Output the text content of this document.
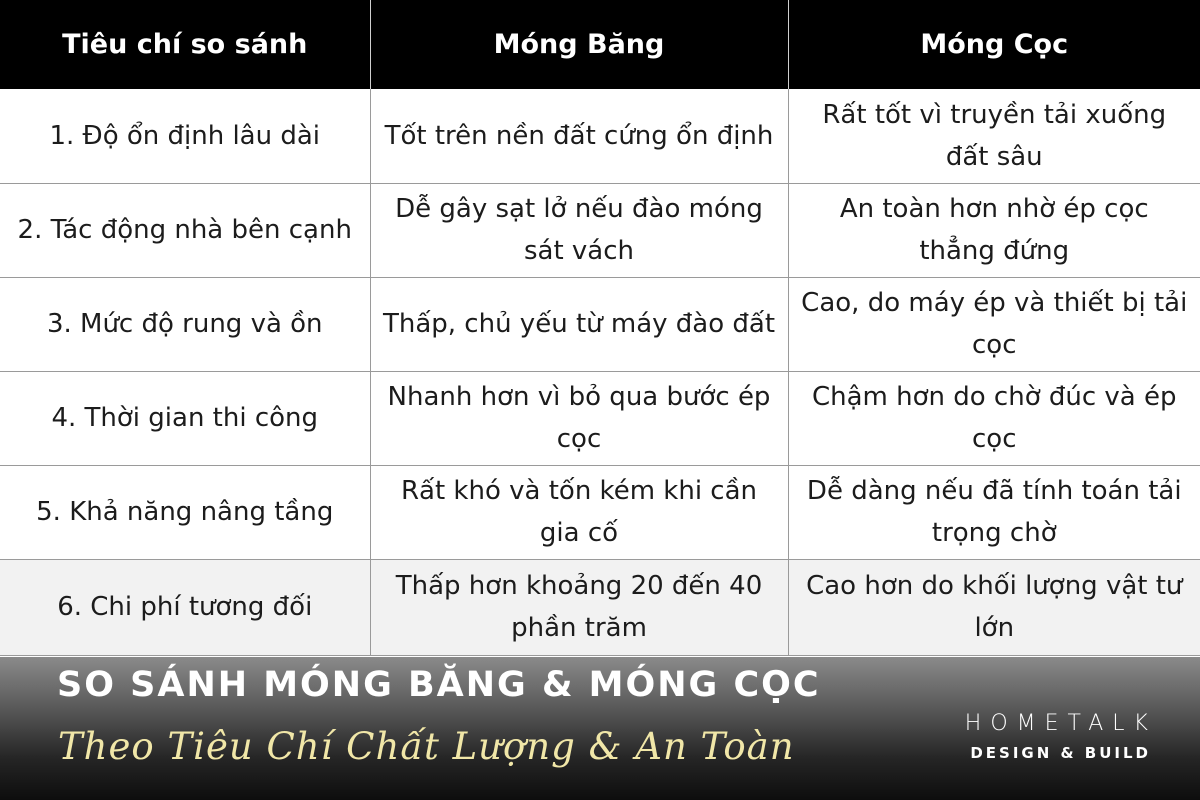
Tiêu chí so sánh	Móng Băng	Móng Cọc
1. Độ ổn định lâu dài	Tốt trên nền đất cứng ổn định	Rất tốt vì truyền tải xuống đất sâu
2. Tác động nhà bên cạnh	Dễ gây sạt lở nếu đào móng sát vách	An toàn hơn nhờ ép cọc thẳng đứng
3. Mức độ rung và ồn	Thấp, chủ yếu từ máy đào đất	Cao, do máy ép và thiết bị tải cọc
4. Thời gian thi công	Nhanh hơn vì bỏ qua bước ép cọc	Chậm hơn do chờ đúc và ép cọc
5. Khả năng nâng tầng	Rất khó và tốn kém khi cần gia cố	Dễ dàng nếu đã tính toán tải trọng chờ
6. Chi phí tương đối	Thấp hơn khoảng 20 đến 40 phần trăm	Cao hơn do khối lượng vật tư lớn
SO SÁNH MÓNG BĂNG & MÓNG CỌC
Theo Tiêu Chí Chất Lượng & An Toàn
HOMETALK
DESIGN & BUILD
